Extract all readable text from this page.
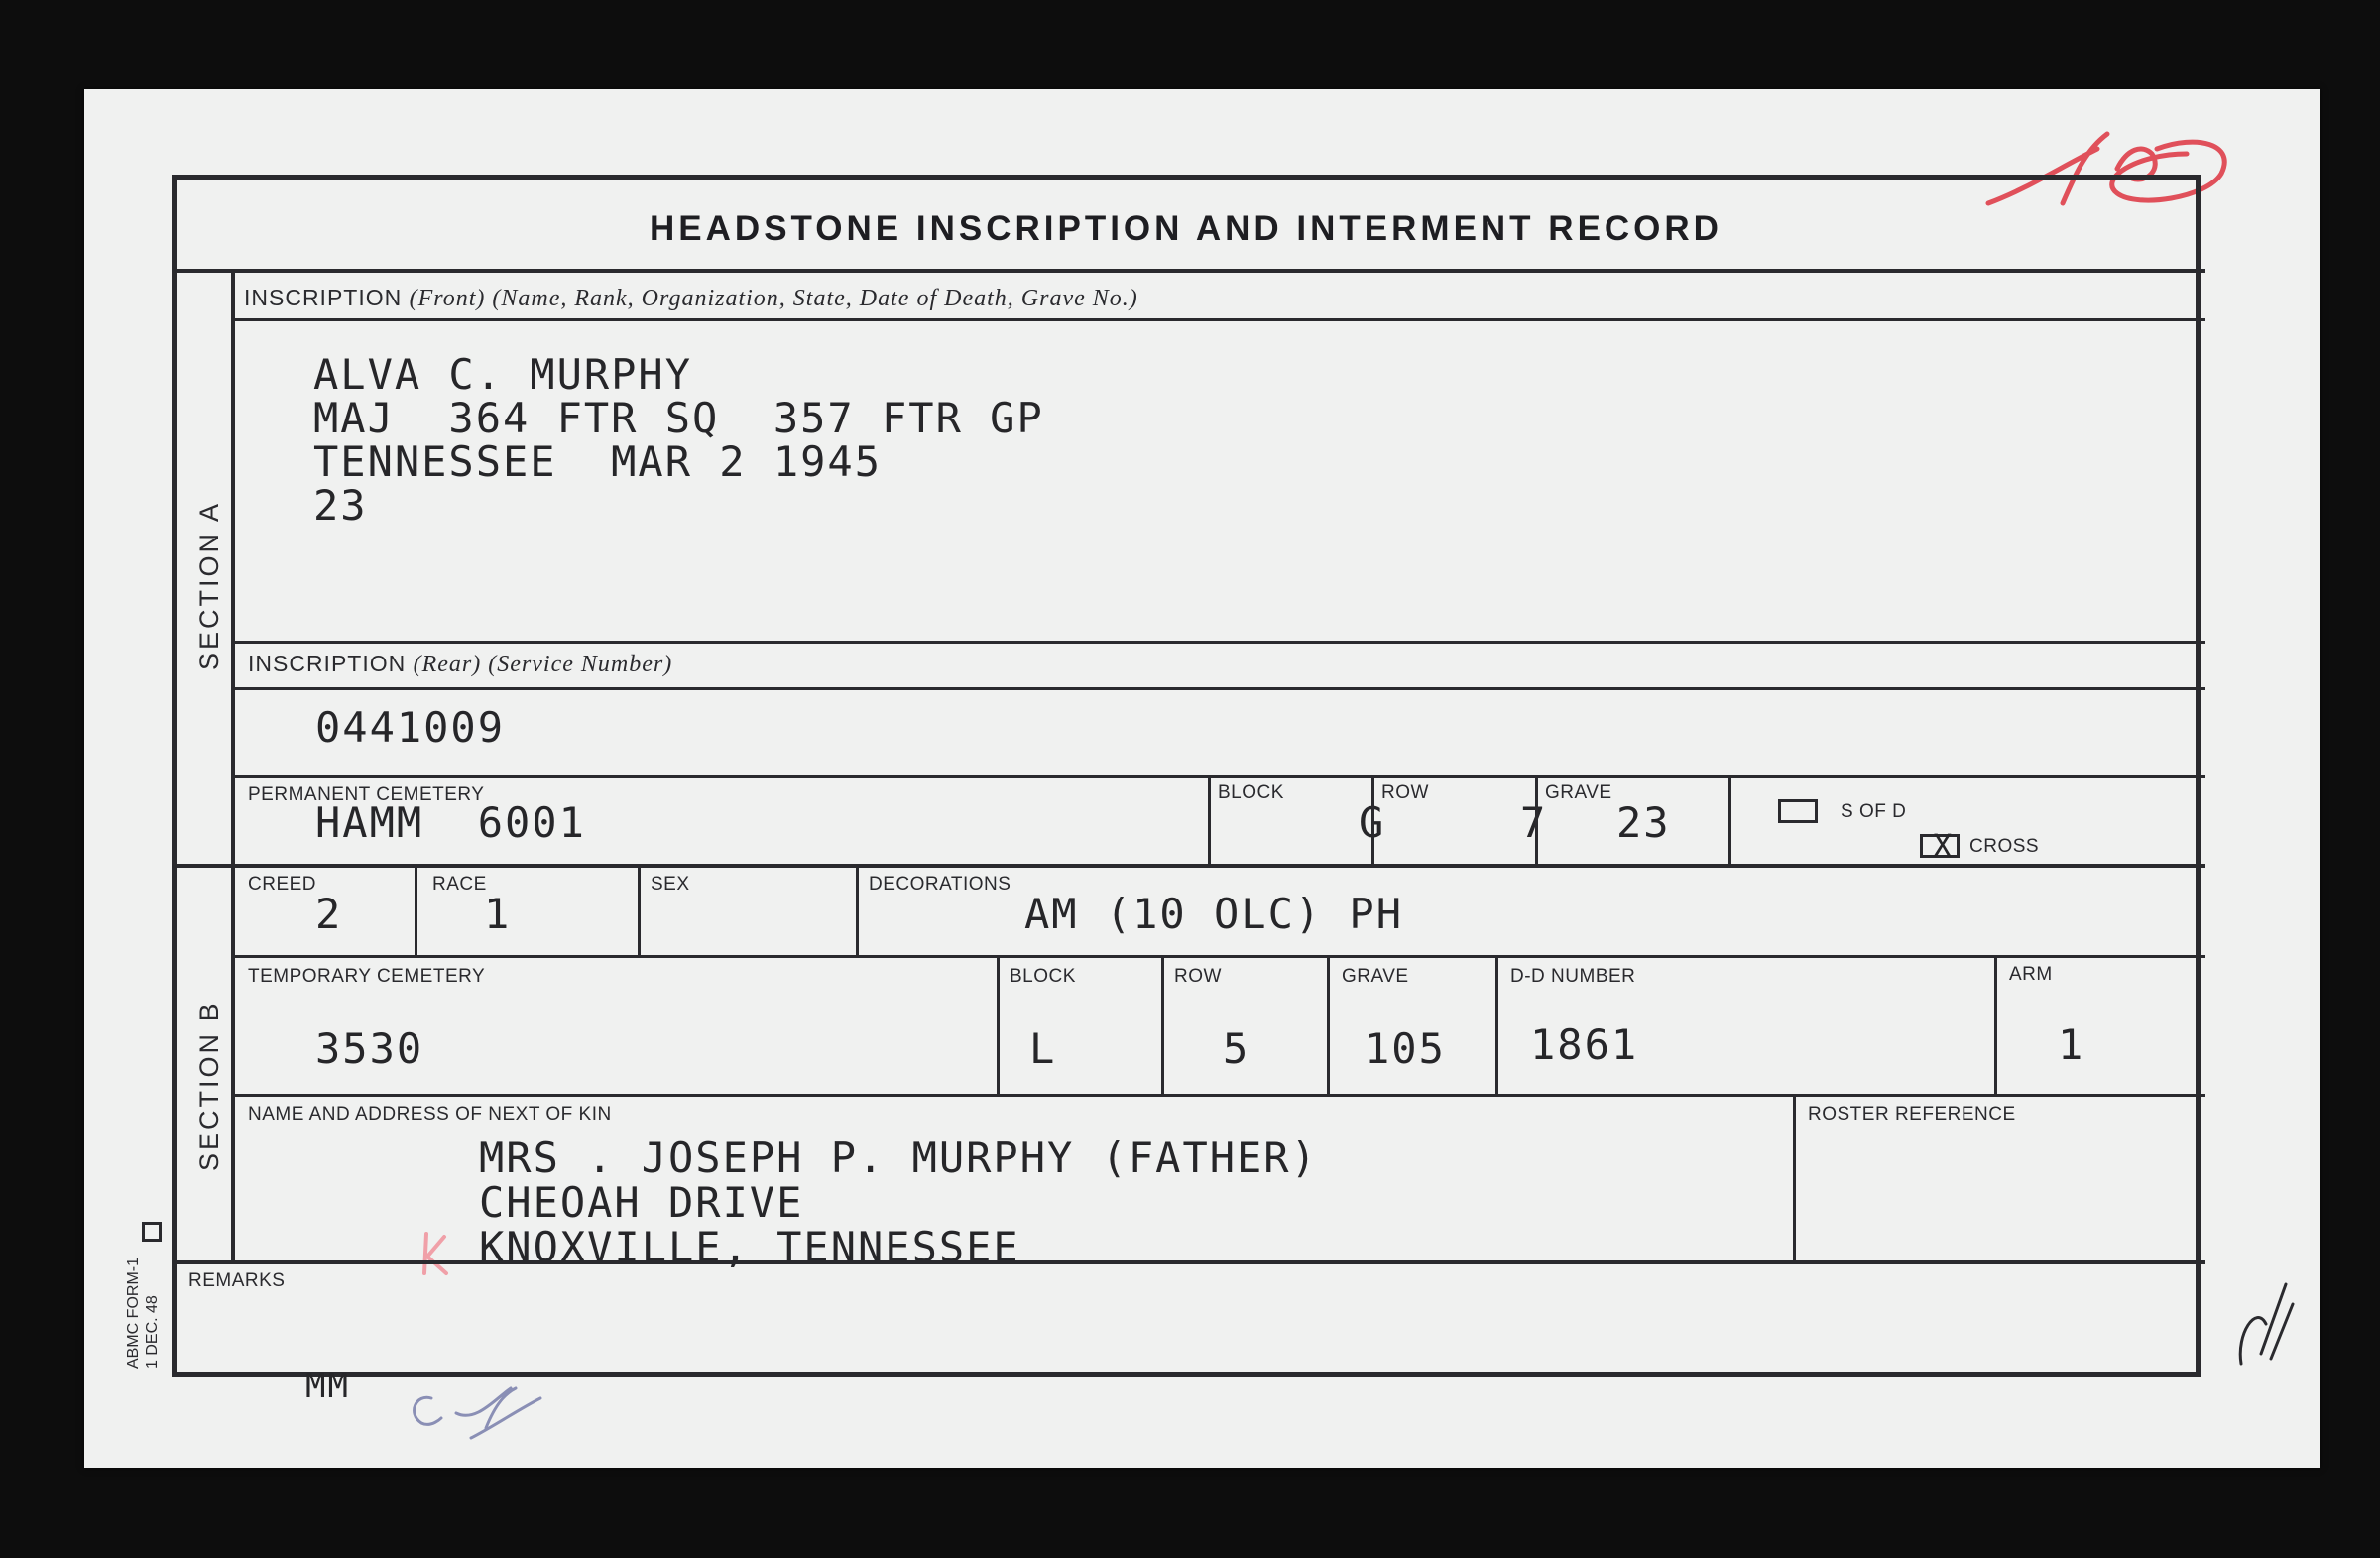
HEADSTONE INSCRIPTION AND INTERMENT RECORD
SECTION A
SECTION B
INSCRIPTION (Front) (Name, Rank, Organization, State, Date of Death, Grave No.)
ALVA C. MURPHY
MAJ  364 FTR SQ  357 FTR GP
TENNESSEE  MAR 2 1945
23
INSCRIPTION (Rear) (Service Number)
0441009
PERMANENT CEMETERY
HAMM  6001
BLOCK
G
ROW
7
GRAVE
23	S OF D
X CROSS
CREED
2
RACE
1
SEX	DECORATIONS
AM (10 OLC) PH
TEMPORARY CEMETERY
3530
BLOCK
L
ROW
5
GRAVE
105
D-D NUMBER
1861
ARM
1
NAME AND ADDRESS OF NEXT OF KIN
MRS . JOSEPH P. MURPHY (FATHER)
CHEOAH DRIVE
KNOXVILLE, TENNESSEE
ROSTER REFERENCE
REMARKS
ABMC FORM-1 1 DEC. 48
MM
